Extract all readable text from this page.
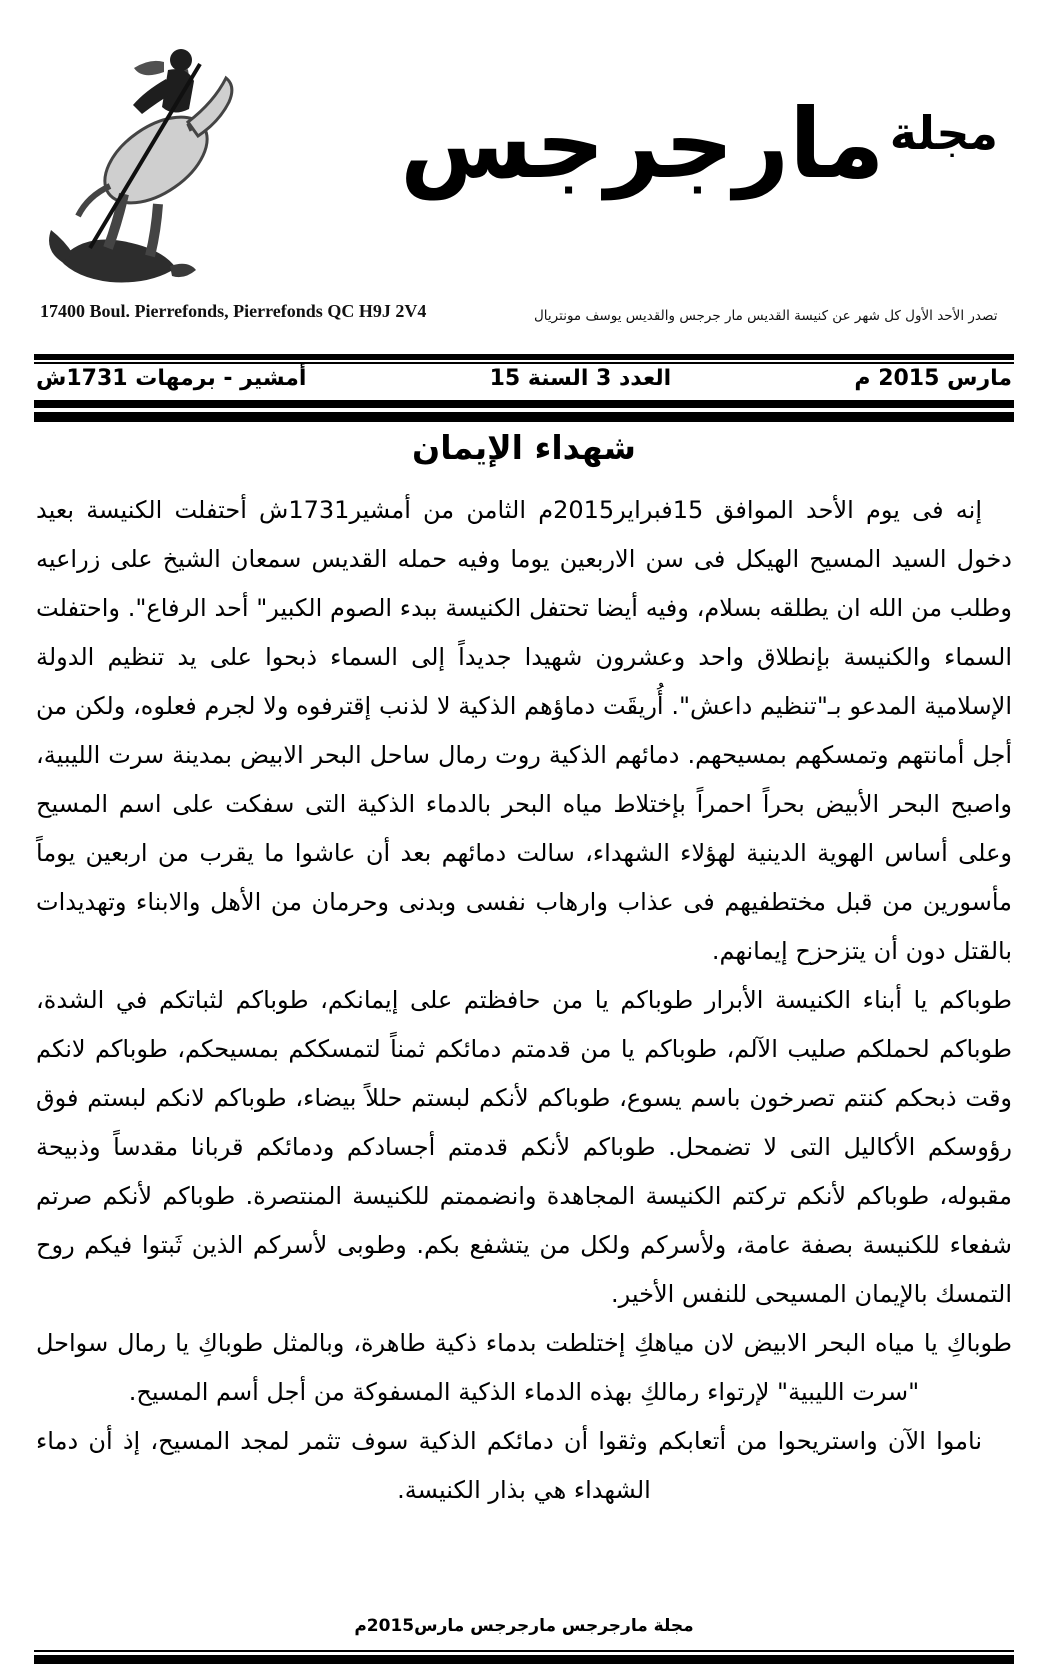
مجلة مارجرجس
17400 Boul. Pierrefonds, Pierrefonds QC H9J 2V4	تصدر الأحد الأول كل شهر عن كنيسة القديس مار جرجس والقديس يوسف مونتريال
مارس 2015 م
العدد 3 السنة 15
أمشير - برمهات 1731ش
شهداء الإيمان

إنه فى يوم الأحد الموافق 15فبراير2015م الثامن من أمشير1731ش أحتفلت الكنيسة بعيد دخول السيد المسيح الهيكل فى سن الاربعين يوما وفيه حمله القديس سمعان الشيخ على زراعيه وطلب من الله ان يطلقه بسلام، وفيه أيضا تحتفل الكنيسة ببدء الصوم الكبير" أحد الرفاع". واحتفلت السماء والكنيسة بإنطلاق واحد وعشرون شهيدا جديداً إلى السماء ذبحوا على يد تنظيم الدولة الإسلامية المدعو بـ"تنظيم داعش". أُريقَت دماؤهم الذكية لا لذنب إقترفوه ولا لجرم فعلوه، ولكن من أجل أمانتهم وتمسكهم بمسيحهم. دمائهم الذكية روت رمال ساحل البحر الابيض بمدينة سرت الليبية، واصبح البحر الأبيض بحراً احمراً بإختلاط مياه البحر بالدماء الذكية التى سفكت على اسم المسيح وعلى أساس الهوية الدينية لهؤلاء الشهداء، سالت دمائهم بعد أن عاشوا ما يقرب من اربعين يوماً مأسورين من قبل مختطفيهم فى عذاب وارهاب نفسى وبدنى وحرمان من الأهل والابناء وتهديدات بالقتل دون أن يتزحزح إيمانهم.

طوباكم يا أبناء الكنيسة الأبرار طوباكم يا من حافظتم على إيمانكم، طوباكم لثباتكم في الشدة، طوباكم لحملكم صليب الآلم، طوباكم يا من قدمتم دمائكم ثمناً لتمسككم بمسيحكم، طوباكم لانكم وقت ذبحكم كنتم تصرخون باسم يسوع، طوباكم لأنكم لبستم حللاً بيضاء، طوباكم لانكم لبستم فوق رؤوسكم الأكاليل التى لا تضمحل. طوباكم لأنكم قدمتم أجسادكم ودمائكم قربانا مقدساً وذبيحة مقبوله، طوباكم لأنكم تركتم الكنيسة المجاهدة وانضممتم للكنيسة المنتصرة. طوباكم لأنكم صرتم شفعاء للكنيسة بصفة عامة، ولأسركم ولكل من يتشفع بكم. وطوبى لأسركم الذين ثَبتوا فيكم روح التمسك بالإيمان المسيحى للنفس الأخير.

طوباكِ يا مياه البحر الابيض لان مياهكِ إختلطت بدماء ذكية طاهرة، وبالمثل طوباكِ يا رمال سواحل "سرت الليبية" لإرتواء رمالكِ بهذه الدماء الذكية المسفوكة من أجل أسم المسيح.

ناموا الآن واستريحوا من أتعابكم وثقوا أن دمائكم الذكية سوف تثمر لمجد المسيح، إذ أن دماء الشهداء هي بذار الكنيسة.

مجلة مارجرجس مارجرجس مارس2015م
